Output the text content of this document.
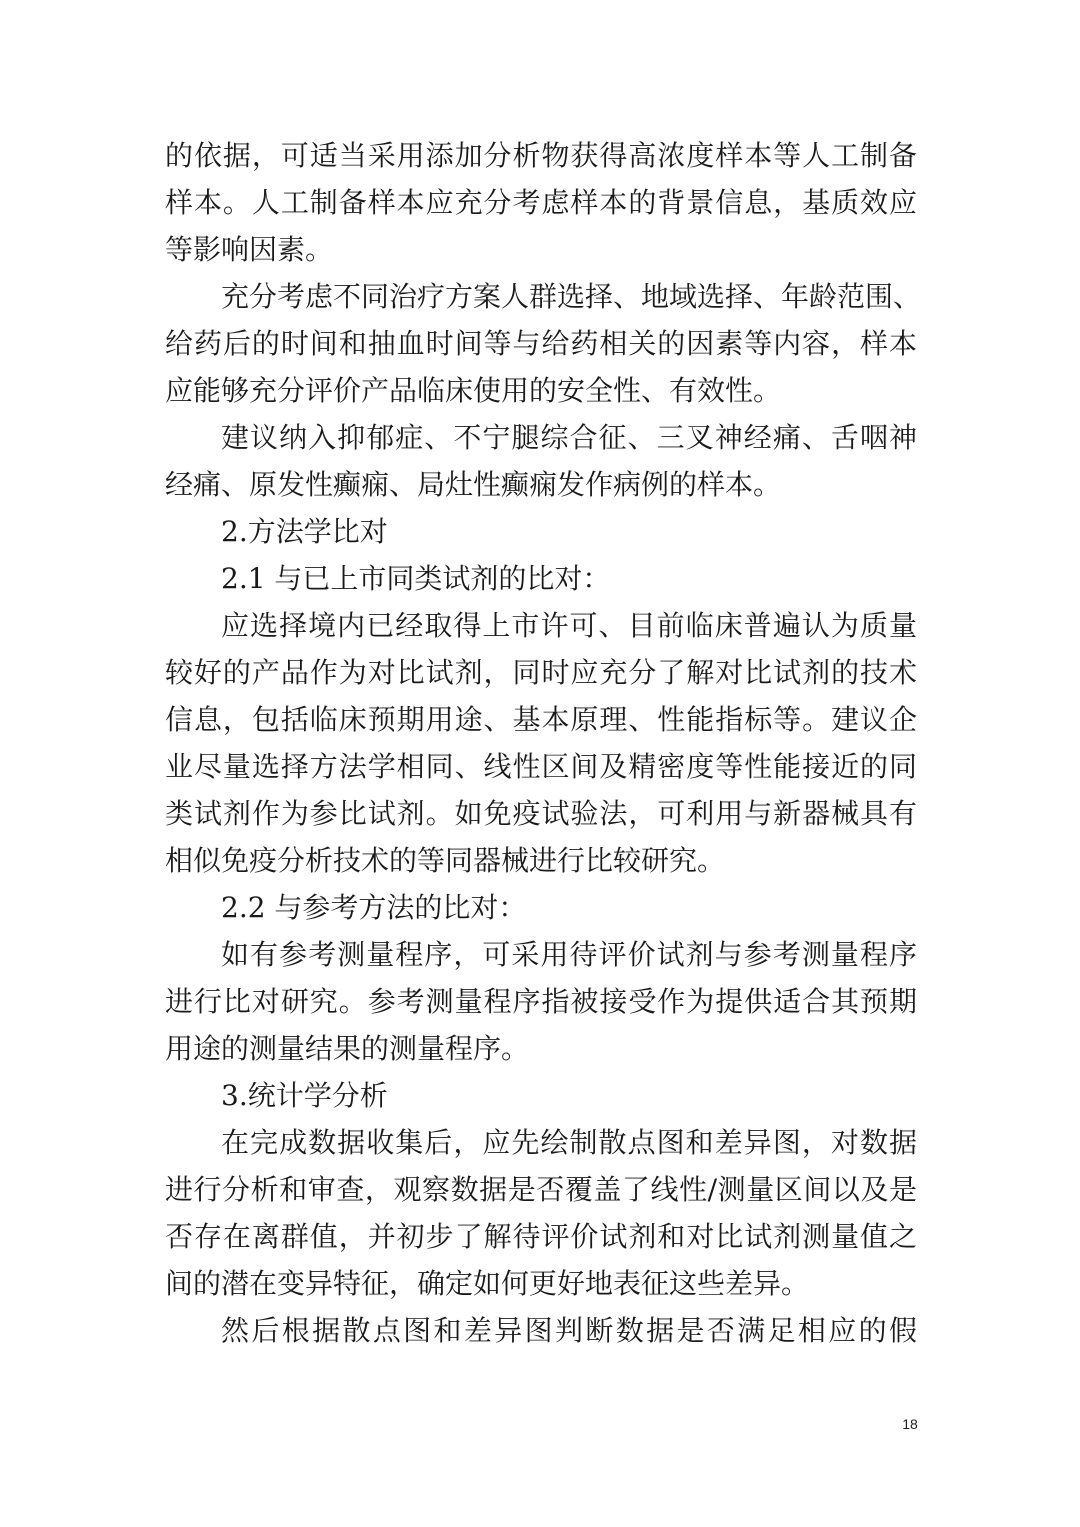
的依据，可适当采用添加分析物获得高浓度样本等人工制备
样本。人工制备样本应充分考虑样本的背景信息，基质效应
等影响因素。
充分考虑不同治疗方案人群选择、地域选择、年龄范围、
给药后的时间和抽血时间等与给药相关的因素等内容，样本
应能够充分评价产品临床使用的安全性、有效性。
建议纳入抑郁症、不宁腿综合征、三叉神经痛、舌咽神
经痛、原发性癫痫、局灶性癫痫发作病例的样本。
2.方法学比对
2.1 与已上市同类试剂的比对：
应选择境内已经取得上市许可、目前临床普遍认为质量
较好的产品作为对比试剂，同时应充分了解对比试剂的技术
信息，包括临床预期用途、基本原理、性能指标等。建议企
业尽量选择方法学相同、线性区间及精密度等性能接近的同
类试剂作为参比试剂。如免疫试验法，可利用与新器械具有
相似免疫分析技术的等同器械进行比较研究。
2.2 与参考方法的比对：
如有参考测量程序，可采用待评价试剂与参考测量程序
进行比对研究。参考测量程序指被接受作为提供适合其预期
用途的测量结果的测量程序。
3.统计学分析
在完成数据收集后，应先绘制散点图和差异图，对数据
进行分析和审查，观察数据是否覆盖了线性/测量区间以及是
否存在离群值，并初步了解待评价试剂和对比试剂测量值之
间的潜在变异特征，确定如何更好地表征这些差异。
然后根据散点图和差异图判断数据是否满足相应的假
18
